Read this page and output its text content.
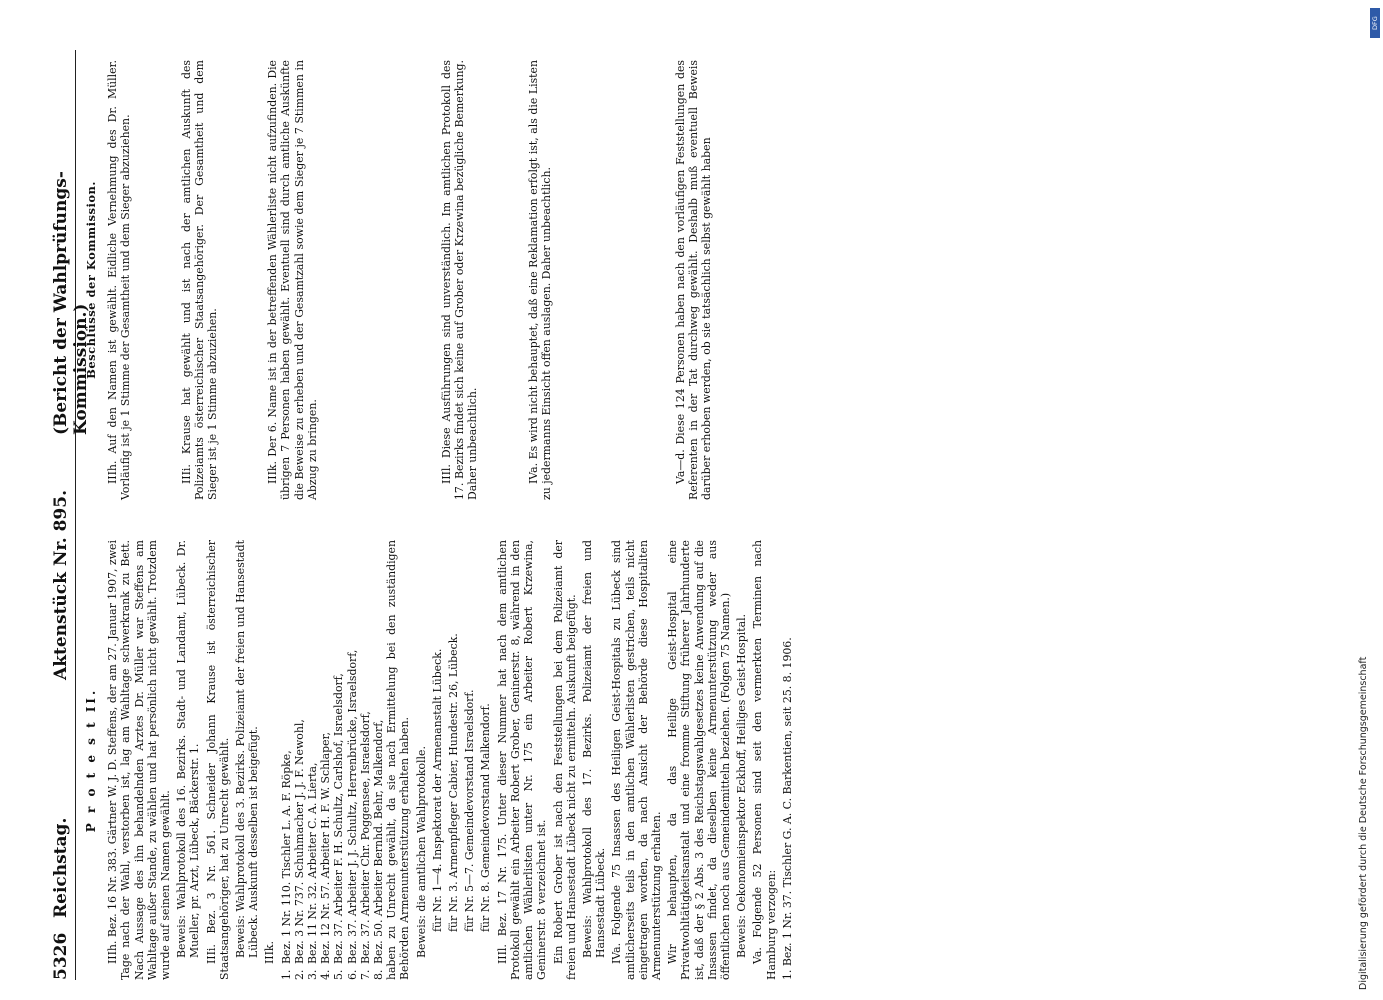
5326
Reichstag.
Aktenstück Nr. 895.
(Bericht der Wahlprüfungs-Kommission.)
P r o t e s t II. IIIh. Bez. 16 Nr. 383. Gärtner W. J. D. Steffens, der am 27. Januar 1907, zwei Tage nach der Wahl, verstorben ist, lag am Wahltage schwerkrank zu Bett. Nach Aussage des ihn behandelnden Arztes Dr. Müller war Steffens am Wahltage außer Stande, zu wählen und hat persönlich nicht gewählt. Trotzdem wurde auf seinen Namen gewählt. Beweis: Wahlprotokoll des 16. Bezirks. Stadt- und Landamt, Lübeck. Dr. Mueller, pr. Arzt, Lübeck, Bäckerstr. 1. IIIi. Bez. 3 Nr. 561. Schneider Johann Krause ist österreichischer Staatsangehöriger, hat zu Unrecht gewählt. Beweis: Wahlprotokoll des 3. Bezirks. Polizeiamt der freien und Hansestadt Lübeck. Auskunft desselben ist beigefügt. IIIk.

1.
Bez. 1 Nr. 110. Tischler L. A. F. Röpke,
2.
Bez. 3 Nr. 737. Schuhmacher J. J. F. Newohl,
3.
Bez. 11 Nr. 32. Arbeiter C. A. Lierta,
4.
Bez. 12 Nr. 57. Arbeiter H. F. W. Schlaper,
5.
Bez. 37. Arbeiter F. H. Schultz, Carlshof, Israelsdorf,
6.
Bez. 37. Arbeiter J. J. Schultz, Herrenbrücke, Israelsdorf,
7.
Bez. 37. Arbeiter Chr. Poggensee, Israelsdorf,
8.
Bez. 50. Arbeiter Bernhd. Behr, Malkendorf, haben zu Unrecht gewählt, da sie nach Ermittelung bei den zuständigen Behörden Armenunterstützung erhalten haben. Beweis: die amtlichen Wahlprotokolle. für Nr. 1—4. Inspektorat der Armenanstalt Lübeck. für Nr. 3. Armenpfleger Cabier, Hundestr. 26, Lübeck. für Nr. 5—7. Gemeindevorstand Israelsdorf. für Nr. 8. Gemeindevorstand Malkendorf. IIIl. Bez. 17 Nr. 175. Unter dieser Nummer hat nach dem amtlichen Protokoll gewählt ein Arbeiter Robert Grober, Geninerstr. 8, während in den amtlichen Wählerlisten unter Nr. 175 ein Arbeiter Robert Krzewina, Geninerstr. 8 verzeichnet ist. Ein Robert Grober ist nach den Feststellungen bei dem Polizeiamt der freien und Hansestadt Lübeck nicht zu ermitteln. Auskunft beigefügt. Beweis: Wahlprotokoll des 17. Bezirks. Polizeiamt der freien und Hansestadt Lübeck. IVa. Folgende 75 Insassen des Heiligen Geist-Hospitals zu Lübeck sind amtlicherseits teils in den amtlichen Wählerlisten gestrichen, teils nicht eingetragen worden, da nach Ansicht der Behörde diese Hospitaliten Armenunterstützung erhalten. Wir behaupten, da das Heilige Geist-Hospital eine Privatwohltätigkeitsanstalt und eine fromme Stiftung früherer Jahrhunderte ist, daß der § 2 Abs. 3 des Reichstagswahlgesetzes keine Anwendung auf die Insassen findet, da dieselben keine Armenunterstützung weder aus öffentlichen noch aus Gemeindemitteln beziehen. (Folgen 75 Namen.) Beweis: Oekonomieinspektor Eckhoff, Heiliges Geist-Hospital. Va. Folgende 52 Personen sind seit den vermerkten Terminen nach Hamburg verzogen: 1. Bez. 1 Nr. 37. Tischler G. A. C. Barkentien, seit 25. 8. 1906.

Beschlüsse der Kommission. IIIh. Auf den Namen ist gewählt. Eidliche Vernehmung des Dr. Müller. Vorläufig ist je 1 Stimme der Gesamtheit und dem Sieger abzuziehen.	IIIi. Krause hat gewählt und ist nach der amtlichen Auskunft des Polizeiamts österreichischer Staatsangehöriger. Der Gesamtheit und dem Sieger ist je 1 Stimme abzuziehen.	IIIk. Der 6. Name ist in der betreffenden Wählerliste nicht aufzufinden. Die übrigen 7 Personen haben gewählt. Eventuell sind durch amtliche Auskünfte die Beweise zu erheben und der Gesamtzahl sowie dem Sieger je 7 Stimmen in Abzug zu bringen.	IIIl. Diese Ausführungen sind unverständlich. Im amtlichen Protokoll des 17. Bezirks findet sich keine auf Grober oder Krzewina bezügliche Bemerkung. Daher unbeachtlich.	IVa. Es wird nicht behauptet, daß eine Reklamation erfolgt ist, als die Listen zu jedermanns Einsicht offen auslagen. Daher unbeachtlich.	Va—d. Diese 124 Personen haben nach den vorläufigen Feststellungen des Referenten in der Tat durchweg gewählt. Deshalb muß eventuell Beweis darüber erhoben werden, ob sie tatsächlich selbst gewählt haben

Digitalisierung gefördert durch die Deutsche Forschungsgemeinschaft
DFG
